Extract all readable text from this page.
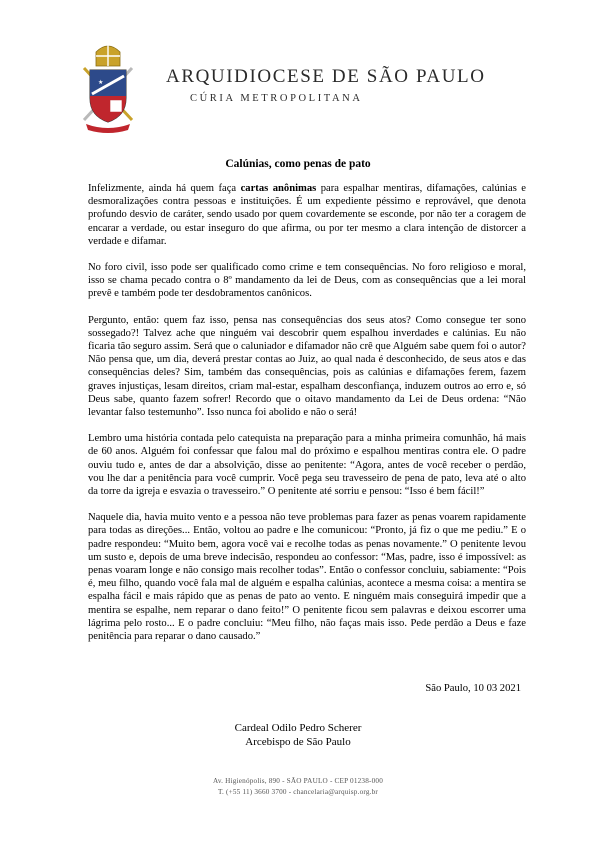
★	ARQUIDIOCESE DE SÃO PAULO
CÚRIA METROPOLITANA
Calúnias, como penas de pato

Infelizmente, ainda há quem faça cartas anônimas para espalhar mentiras, difamações, calúnias e desmoralizações contra pessoas e instituições. É um expediente péssimo e reprovável, que denota profundo desvio de caráter, sendo usado por quem covardemente se esconde, por não ter a coragem de encarar a verdade, ou estar inseguro do que afirma, ou por ter mesmo a clara intenção de distorcer a verdade e difamar.

No foro civil, isso pode ser qualificado como crime e tem consequências. No foro religioso e moral, isso se chama pecado contra o 8º mandamento da lei de Deus, com as consequências que a lei moral prevê e também pode ter desdobramentos canônicos.

Pergunto, então: quem faz isso, pensa nas consequências dos seus atos? Como consegue ter sono sossegado?! Talvez ache que ninguém vai descobrir quem espalhou inverdades e calúnias. Eu não ficaria tão seguro assim. Será que o caluniador e difamador não crê que Alguém sabe quem foi o autor? Não pensa que, um dia, deverá prestar contas ao Juiz, ao qual nada é desconhecido, de seus atos e das consequências deles? Sim, também das consequências, pois as calúnias e difamações ferem, fazem graves injustiças, lesam direitos, criam mal-estar, espalham desconfiança, induzem outros ao erro e, só Deus sabe, quanto fazem sofrer! Recordo que o oitavo mandamento da Lei de Deus ordena: “Não levantar falso testemunho”. Isso nunca foi abolido e não o será!

Lembro uma história contada pelo catequista na preparação para a minha primeira comunhão, há mais de 60 anos. Alguém foi confessar que falou mal do próximo e espalhou mentiras contra ele. O padre ouviu tudo e, antes de dar a absolvição, disse ao penitente: “Agora, antes de você receber o perdão, vou lhe dar a penitência para você cumprir. Você pega seu travesseiro de pena de pato, leva até o alto da torre da igreja e esvazia o travesseiro.” O penitente até sorriu e pensou: “Isso é bem fácil!”

Naquele dia, havia muito vento e a pessoa não teve problemas para fazer as penas voarem rapidamente para todas as direções... Então, voltou ao padre e lhe comunicou: “Pronto, já fiz o que me pediu.” E o padre respondeu: “Muito bem, agora você vai e recolhe todas as penas novamente.” O penitente levou um susto e, depois de uma breve indecisão, respondeu ao confessor: “Mas, padre, isso é impossível: as penas voaram longe e não consigo mais recolher todas”. Então o confessor concluiu, sabiamente: “Pois é, meu filho, quando você fala mal de alguém e espalha calúnias, acontece a mesma coisa: a mentira se espalha fácil e mais rápido que as penas de pato ao vento. E ninguém mais conseguirá impedir que a mentira se espalhe, nem reparar o dano feito!” O penitente ficou sem palavras e deixou escorrer uma lágrima pelo rosto... E o padre concluiu: “Meu filho, não faças mais isso. Pede perdão a Deus e faze penitência para reparar o dano causado.”

São Paulo, 10 03 2021
Cardeal Odilo Pedro Scherer
Arcebispo de São Paulo
Av. Higienópolis, 890 - SÃO PAULO - CEP 01238-000
T. (+55 11) 3660 3700 - chancelaria@arquisp.org.br
